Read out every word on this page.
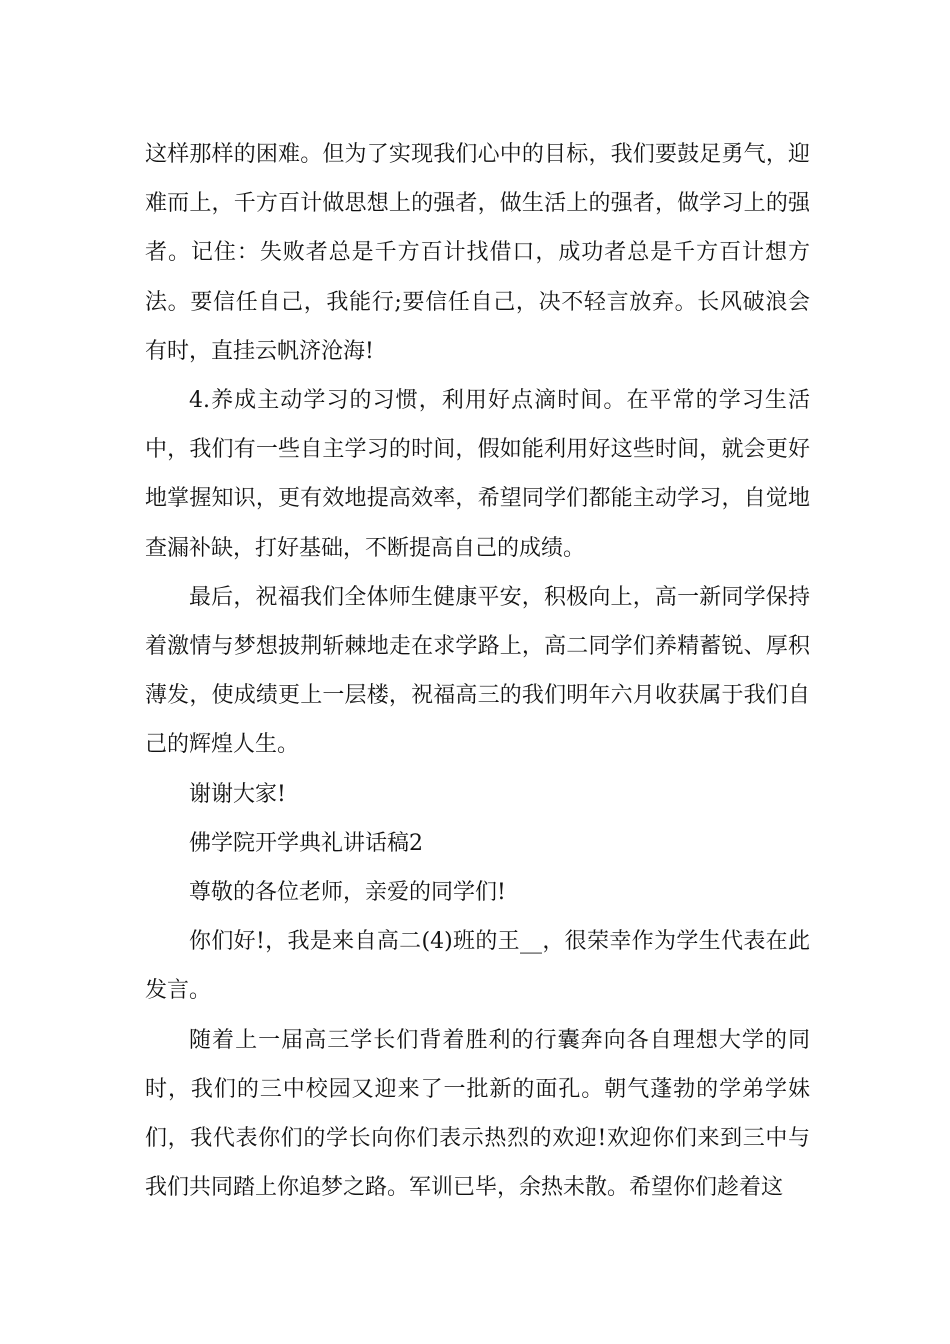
这样那样的困难。但为了实现我们心中的目标，我们要鼓足勇气，迎难而上，千方百计做思想上的强者，做生活上的强者，做学习上的强者。记住：失败者总是千方百计找借口，成功者总是千方百计想方法。要信任自己，我能行;要信任自己，决不轻言放弃。长风破浪会有时，直挂云帆济沧海!

4.养成主动学习的习惯，利用好点滴时间。在平常的学习生活中，我们有一些自主学习的时间，假如能利用好这些时间，就会更好地掌握知识，更有效地提高效率，希望同学们都能主动学习，自觉地查漏补缺，打好基础，不断提高自己的成绩。

最后，祝福我们全体师生健康平安，积极向上，高一新同学保持着激情与梦想披荆斩棘地走在求学路上，高二同学们养精蓄锐、厚积薄发，使成绩更上一层楼，祝福高三的我们明年六月收获属于我们自己的辉煌人生。

谢谢大家!

佛学院开学典礼讲话稿2

尊敬的各位老师，亲爱的同学们!

你们好!，我是来自高二(4)班的王__，很荣幸作为学生代表在此发言。

随着上一届高三学长们背着胜利的行囊奔向各自理想大学的同时，我们的三中校园又迎来了一批新的面孔。朝气蓬勃的学弟学妹们，我代表你们的学长向你们表示热烈的欢迎!欢迎你们来到三中与我们共同踏上你追梦之路。军训已毕，余热未散。希望你们趁着这
